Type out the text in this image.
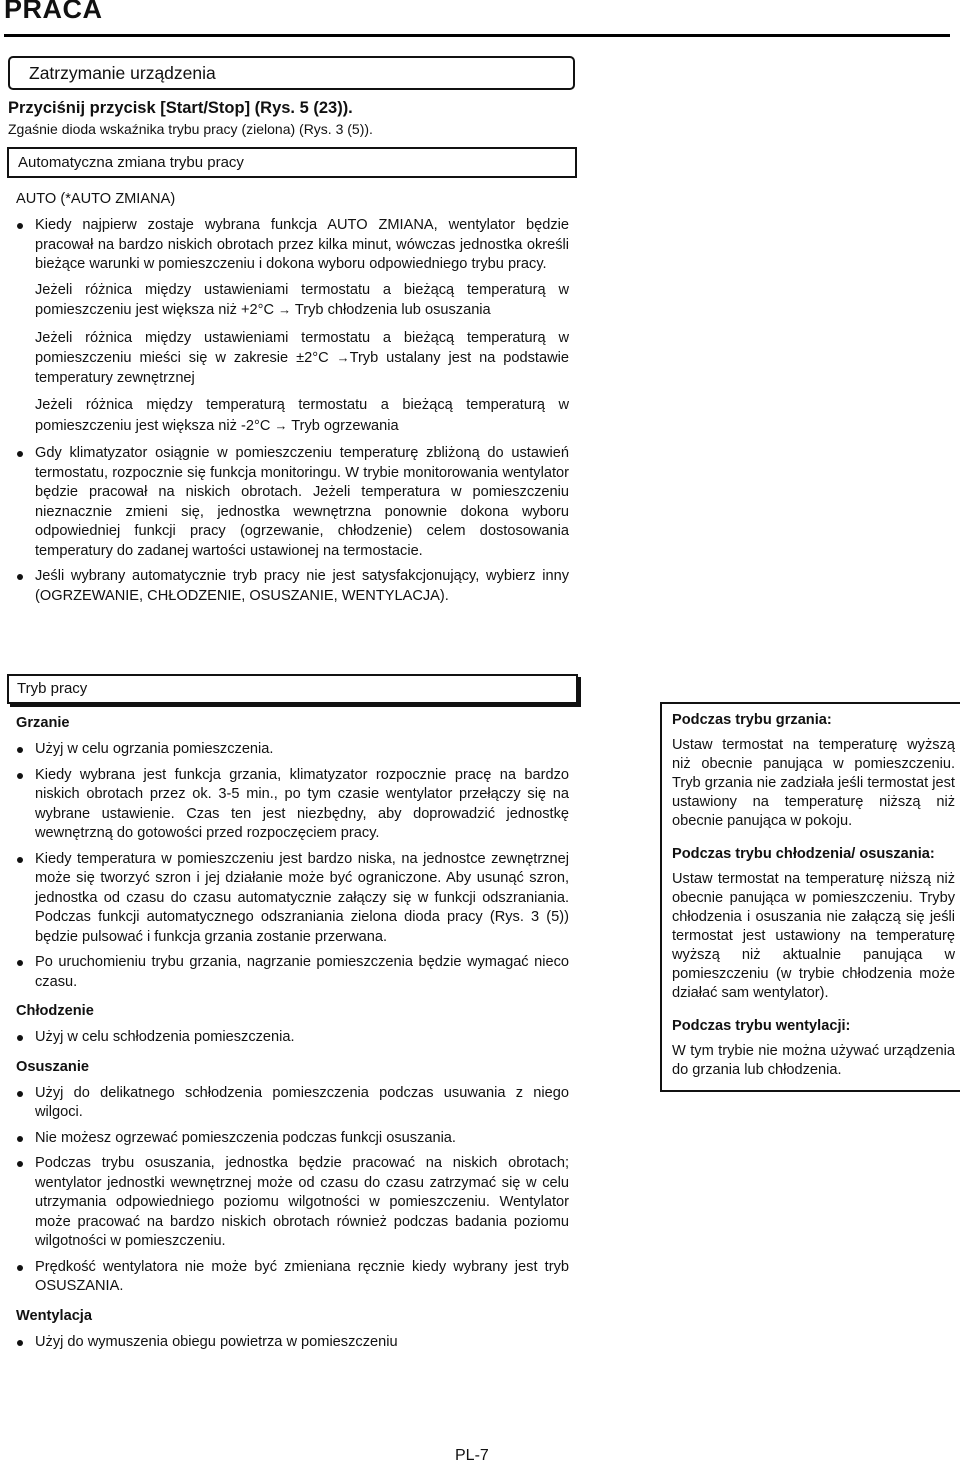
PRACA
Zatrzymanie urządzenia
Przyciśnij przycisk [Start/Stop] (Rys. 5 (23)).
Zgaśnie dioda wskaźnika trybu pracy (zielona) (Rys. 3 (5)).
Automatyczna zmiana trybu pracy
AUTO (*AUTO ZMIANA)
Kiedy najpierw zostaje wybrana funkcja AUTO ZMIANA, wentylator będzie pracował na bardzo niskich obrotach przez kilka minut, wówczas jednostka określi bieżące warunki w pomieszczeniu i dokona wyboru odpowiedniego trybu pracy.

Jeżeli różnica między ustawieniami termostatu a bieżącą temperaturą w pomieszczeniu jest większa niż +2°C → Tryb chłodzenia lub osuszania

Jeżeli różnica między ustawieniami termostatu a bieżącą temperaturą w pomieszczeniu mieści się w zakresie ±2°C →Tryb ustalany jest na podstawie temperatury zewnętrznej

Jeżeli różnica między temperaturą termostatu a bieżącą temperaturą w pomieszczeniu jest większa niż -2°C → Tryb ogrzewania

Gdy klimatyzator osiągnie w pomieszczeniu temperaturę zbliżoną do ustawień termostatu, rozpocznie się funkcja monitoringu. W trybie monitorowania wentylator będzie pracował na niskich obrotach. Jeżeli temperatura w pomieszczeniu nieznacznie zmieni się, jednostka wewnętrzna ponownie dokona wyboru odpowiedniej funkcji pracy (ogrzewanie, chłodzenie) celem dostosowania temperatury do zadanej wartości ustawionej na termostacie.
Jeśli wybrany automatycznie tryb pracy nie jest satysfakcjonujący, wybierz inny (OGRZEWANIE, CHŁODZENIE, OSUSZANIE, WENTYLACJA).
Tryb pracy
Grzanie
Użyj w celu ogrzania pomieszczenia.
Kiedy wybrana jest funkcja grzania, klimatyzator rozpocznie pracę na bardzo niskich obrotach przez ok. 3-5 min., po tym czasie wentylator przełączy się na wybrane ustawienie. Czas ten jest niezbędny, aby doprowadzić jednostkę wewnętrzną do gotowości przed rozpoczęciem pracy.
Kiedy temperatura w pomieszczeniu jest bardzo niska, na jednostce zewnętrznej może się tworzyć szron i jej działanie może być ograniczone. Aby usunąć szron, jednostka od czasu do czasu automatycznie załączy się w funkcji odszraniania. Podczas funkcji automatycznego odszraniania zielona dioda pracy (Rys. 3 (5)) będzie pulsować i funkcja grzania zostanie przerwana.
Po uruchomieniu trybu grzania, nagrzanie pomieszczenia będzie wymagać nieco czasu.
Chłodzenie
Użyj w celu schłodzenia pomieszczenia.
Osuszanie
Użyj do delikatnego schłodzenia pomieszczenia podczas usuwania z niego wilgoci.
Nie możesz ogrzewać pomieszczenia podczas funkcji osuszania.
Podczas trybu osuszania, jednostka będzie pracować na niskich obrotach; wentylator jednostki wewnętrznej może od czasu do czasu zatrzymać się w celu utrzymania odpowiedniego poziomu wilgotności w pomieszczeniu. Wentylator może pracować na bardzo niskich obrotach również podczas badania poziomu wilgotności w pomieszczeniu.
Prędkość wentylatora nie może być zmieniana ręcznie kiedy wybrany jest tryb OSUSZANIA.
Wentylacja
Użyj do wymuszenia obiegu powietrza w pomieszczeniu

Podczas trybu grzania:

Ustaw termostat na temperaturę wyższą niż obecnie panująca w pomieszczeniu. Tryb grzania nie zadziała jeśli termostat jest ustawiony na temperaturę niższą niż obecnie panująca w pokoju.

Podczas trybu chłodzenia/ osuszania:

Ustaw termostat na temperaturę niższą niż obecnie panująca w pomieszczeniu. Tryby chłodzenia i osuszania nie załączą się jeśli termostat jest ustawiony na temperaturę wyższą niż aktualnie panująca w pomieszczeniu (w trybie chłodzenia może działać sam wentylator).

Podczas trybu wentylacji:

W tym trybie nie można używać urządzenia do grzania lub chłodzenia.

PL-7
